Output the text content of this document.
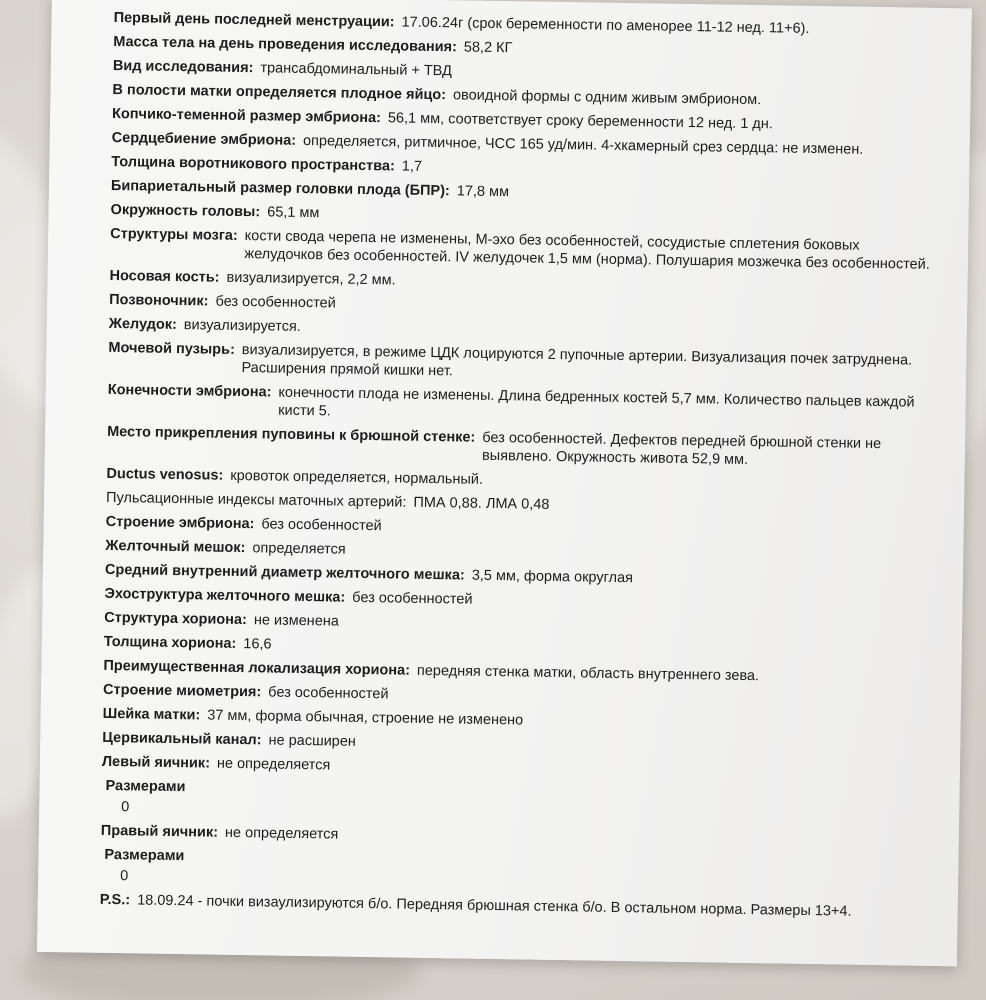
Первый день последней менструации: 17.06.24г (срок беременности по аменорее 11-12 нед. 11+6).
Масса тела на день проведения исследования: 58,2 КГ
Вид исследования: трансабдоминальный + ТВД
В полости матки определяется плодное яйцо: овоидной формы с одним живым эмбрионом.
Копчико-теменной размер эмбриона: 56,1 мм, соответствует сроку беременности 12 нед. 1 дн.
Сердцебиение эмбриона: определяется, ритмичное, ЧСС 165 уд/мин. 4-хкамерный срез сердца: не изменен.
Толщина воротникового пространства: 1,7
Бипариетальный размер головки плода (БПР): 17,8 мм
Окружность головы: 65,1 мм
Структуры мозга: кости свода черепа не изменены, М-эхо без особенностей, сосудистые сплетения боковых желудочков без особенностей. IV желудочек 1,5 мм (норма). Полушария мозжечка без особенностей.
Носовая кость: визуализируется, 2,2 мм.
Позвоночник: без особенностей
Желудок: визуализируется.
Мочевой пузырь: визуализируется, в режиме ЦДК лоцируются 2 пупочные артерии. Визуализация почек затруднена. Расширения прямой кишки нет.
Конечности эмбриона: конечности плода не изменены. Длина бедренных костей 5,7 мм. Количество пальцев каждой кисти 5.
Место прикрепления пуповины к брюшной стенке: без особенностей. Дефектов передней брюшной стенки не выявлено. Окружность живота 52,9 мм.
Ductus venosus: кровоток определяется, нормальный.
Пульсационные индексы маточных артерий: ПМА 0,88. ЛМА 0,48
Строение эмбриона: без особенностей
Желточный мешок: определяется
Средний внутренний диаметр желточного мешка: 3,5 мм, форма округлая
Эхоструктура желточного мешка: без особенностей
Структура хориона: не изменена
Толщина хориона: 16,6
Преимущественная локализация хориона: передняя стенка матки, область внутреннего зева.
Строение миометрия: без особенностей
Шейка матки: 37 мм, форма обычная, строение не изменено
Цервикальный канал: не расширен
Левый яичник: не определяется
Размерами
0
Правый яичник: не определяется
Размерами
0
P.S.: 18.09.24 - почки визаулизируются б/о. Передняя брюшная стенка б/о. В остальном норма. Размеры 13+4.
